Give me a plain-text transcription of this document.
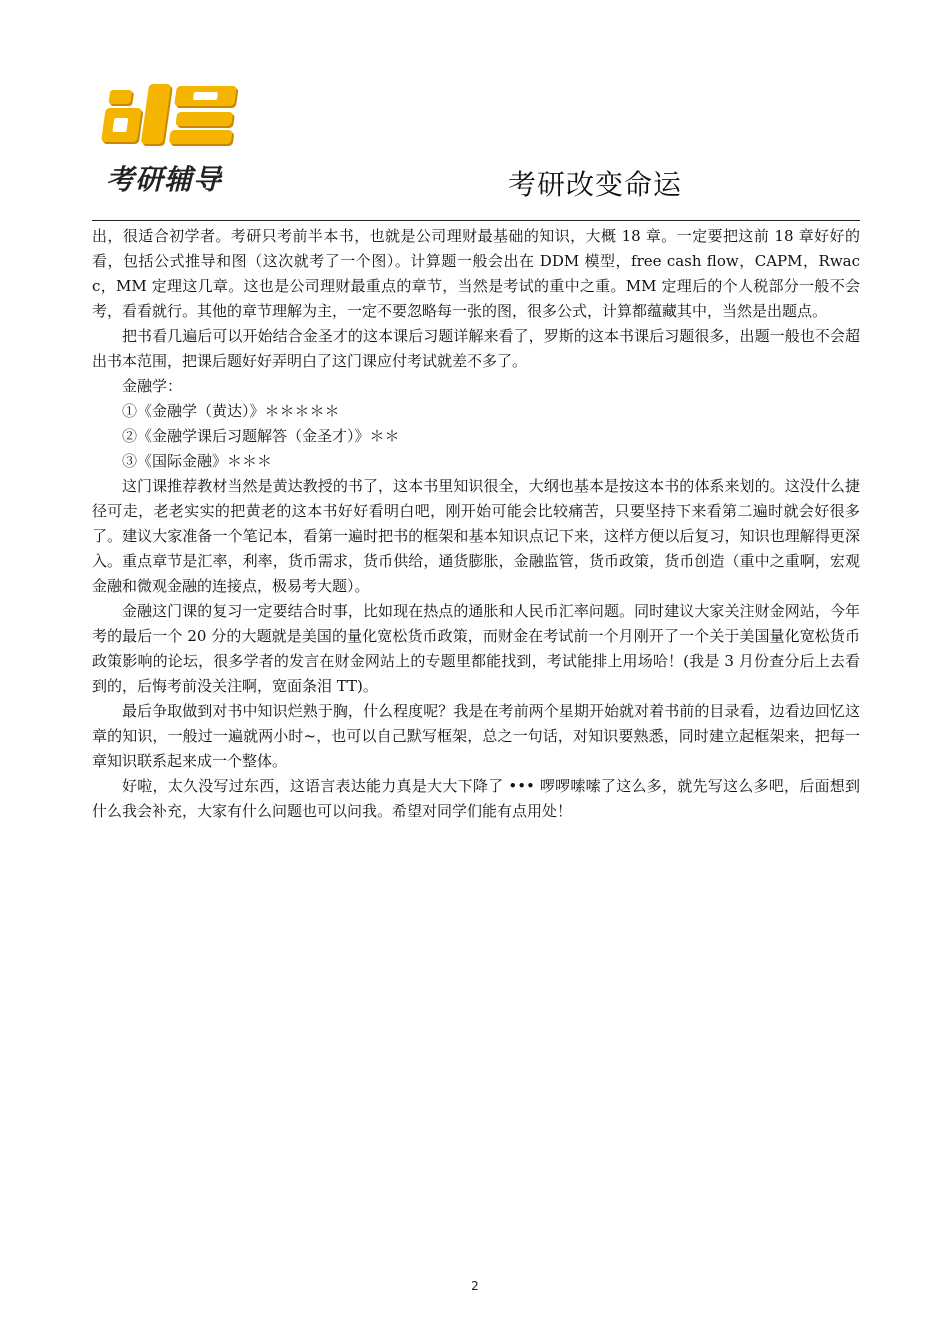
考研辅导	考研改变命运

出，很适合初学者。考研只考前半本书，也就是公司理财最基础的知识，大概 18 章。一定要把这前 18 章好好的看，包括公式推导和图（这次就考了一个图）。计算题一般会出在 DDM 模型，free cash flow，CAPM，Rwacc，MM 定理这几章。这也是公司理财最重点的章节，当然是考试的重中之重。MM 定理后的个人税部分一般不会考，看看就行。其他的章节理解为主，一定不要忽略每一张的图，很多公式，计算都蕴藏其中，当然是出题点。

把书看几遍后可以开始结合金圣才的这本课后习题详解来看了，罗斯的这本书课后习题很多，出题一般也不会超出书本范围，把课后题好好弄明白了这门课应付考试就差不多了。

金融学：

①《金融学（黄达）》＊＊＊＊＊

②《金融学课后习题解答（金圣才）》＊＊

③《国际金融》＊＊＊

这门课推荐教材当然是黄达教授的书了，这本书里知识很全，大纲也基本是按这本书的体系来划的。这没什么捷径可走，老老实实的把黄老的这本书好好看明白吧，刚开始可能会比较痛苦，只要坚持下来看第二遍时就会好很多了。建议大家准备一个笔记本，看第一遍时把书的框架和基本知识点记下来，这样方便以后复习，知识也理解得更深入。重点章节是汇率，利率，货币需求，货币供给，通货膨胀，金融监管，货币政策，货币创造（重中之重啊，宏观金融和微观金融的连接点，极易考大题）。

金融这门课的复习一定要结合时事，比如现在热点的通胀和人民币汇率问题。同时建议大家关注财金网站，今年考的最后一个 20 分的大题就是美国的量化宽松货币政策，而财金在考试前一个月刚开了一个关于美国量化宽松货币政策影响的论坛，很多学者的发言在财金网站上的专题里都能找到，考试能排上用场哈！(我是 3 月份查分后上去看到的，后悔考前没关注啊，宽面条泪 TT)。

最后争取做到对书中知识烂熟于胸，什么程度呢？我是在考前两个星期开始就对着书前的目录看，边看边回忆这章的知识，一般过一遍就两小时~，也可以自己默写框架，总之一句话，对知识要熟悉，同时建立起框架来，把每一章知识联系起来成一个整体。

好啦，太久没写过东西，这语言表达能力真是大大下降了 ••• 啰啰嗦嗦了这么多，就先写这么多吧，后面想到什么我会补充，大家有什么问题也可以问我。希望对同学们能有点用处！

2
